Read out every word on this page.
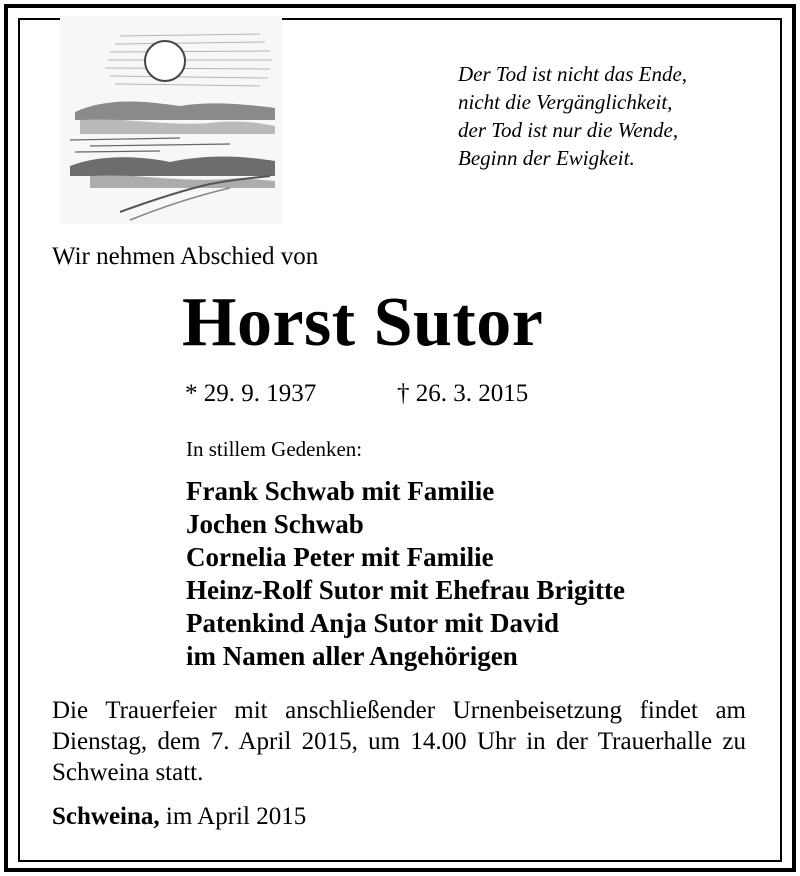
Der Tod ist nicht das Ende,
nicht die Vergänglichkeit,
der Tod ist nur die Wende,
Beginn der Ewigkeit.
Wir nehmen Abschied von
Horst Sutor
* 29. 9. 1937	† 26. 3. 2015
In stillem Gedenken:
Frank Schwab mit Familie
Jochen Schwab
Cornelia Peter mit Familie
Heinz-Rolf Sutor mit Ehefrau Brigitte
Patenkind Anja Sutor mit David
im Namen aller Angehörigen
Die Trauerfeier mit anschließender Urnenbeisetzung findet am Dienstag, dem 7. April 2015, um 14.00 Uhr in der Trauerhalle zu Schweina statt.
Schweina, im April 2015
